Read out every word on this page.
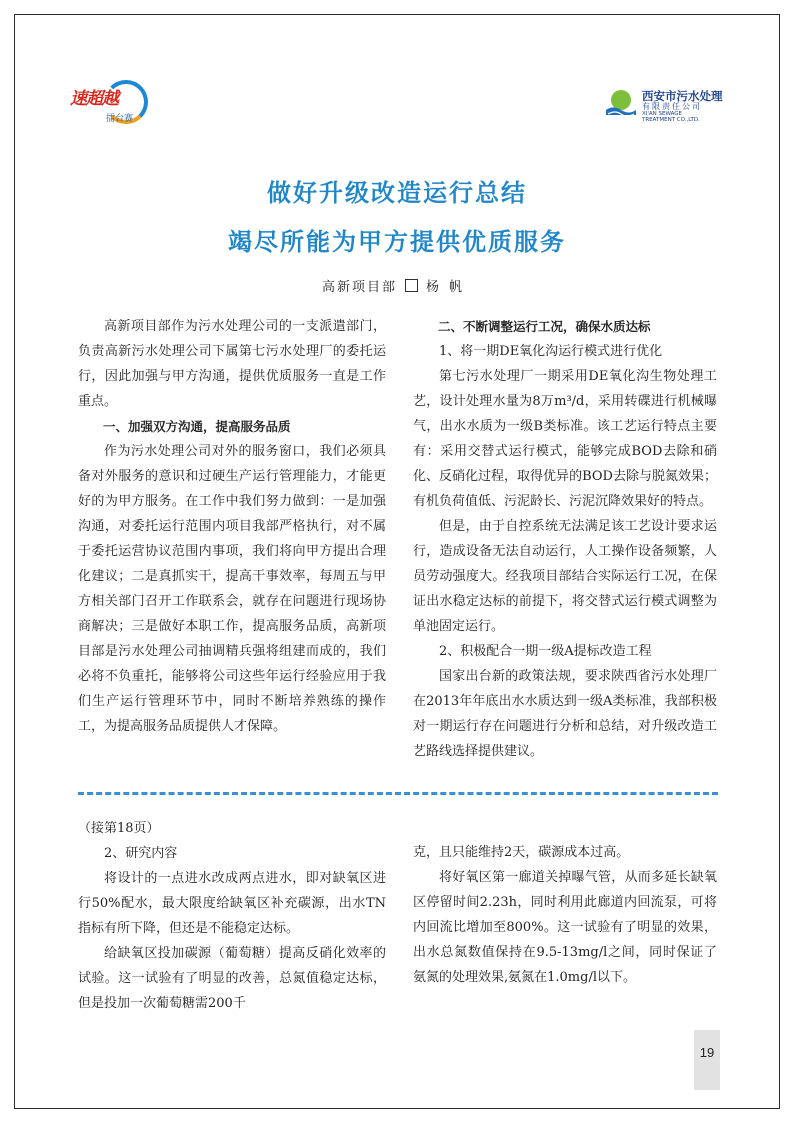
速超越
擂台赛
西安市污水处理
有限责任公司
XI'AN SEWAGE TREATMENT CO.,LTD.
做好升级改造运行总结
竭尽所能为甲方提供优质服务
高新项目部 杨帆

高新项目部作为污水处理公司的一支派遣部门，负责高新污水处理公司下属第七污水处理厂的委托运行，因此加强与甲方沟通，提供优质服务一直是工作重点。

一、加强双方沟通，提高服务品质

作为污水处理公司对外的服务窗口，我们必须具备对外服务的意识和过硬生产运行管理能力，才能更好的为甲方服务。在工作中我们努力做到：一是加强沟通，对委托运行范围内项目我部严格执行，对不属于委托运营协议范围内事项，我们将向甲方提出合理化建议；二是真抓实干，提高干事效率，每周五与甲方相关部门召开工作联系会，就存在问题进行现场协商解决；三是做好本职工作，提高服务品质，高新项目部是污水处理公司抽调精兵强将组建而成的，我们必将不负重托，能够将公司这些年运行经验应用于我们生产运行管理环节中，同时不断培养熟练的操作工，为提高服务品质提供人才保障。

二、不断调整运行工况，确保水质达标

1、将一期DE氧化沟运行模式进行优化

第七污水处理厂一期采用DE氧化沟生物处理工艺，设计处理水量为8万m³/d，采用转碟进行机械曝气，出水水质为一级B类标准。该工艺运行特点主要有：采用交替式运行模式，能够完成BOD去除和硝化、反硝化过程，取得优异的BOD去除与脱氮效果；有机负荷值低、污泥龄长、污泥沉降效果好的特点。

但是，由于自控系统无法满足该工艺设计要求运行，造成设备无法自动运行，人工操作设备频繁，人员劳动强度大。经我项目部结合实际运行工况，在保证出水稳定达标的前提下，将交替式运行模式调整为单池固定运行。

2、积极配合一期一级A提标改造工程

国家出台新的政策法规，要求陕西省污水处理厂在2013年年底出水水质达到一级A类标准，我部积极对一期运行存在问题进行分析和总结，对升级改造工艺路线选择提供建议。

（接第18页）

2、研究内容

将设计的一点进水改成两点进水，即对缺氧区进行50%配水，最大限度给缺氧区补充碳源，出水TN指标有所下降，但还是不能稳定达标。

给缺氧区投加碳源（葡萄糖）提高反硝化效率的试验。这一试验有了明显的改善，总氮值稳定达标，但是投加一次葡萄糖需200千

克，且只能维持2天，碳源成本过高。

将好氧区第一廊道关掉曝气管，从而多延长缺氧区停留时间2.23h，同时利用此廊道内回流泵，可将内回流比增加至800%。这一试验有了明显的效果，出水总氮数值保持在9.5-13mg/l之间，同时保证了氨氮的处理效果,氨氮在1.0mg/l以下。

19
